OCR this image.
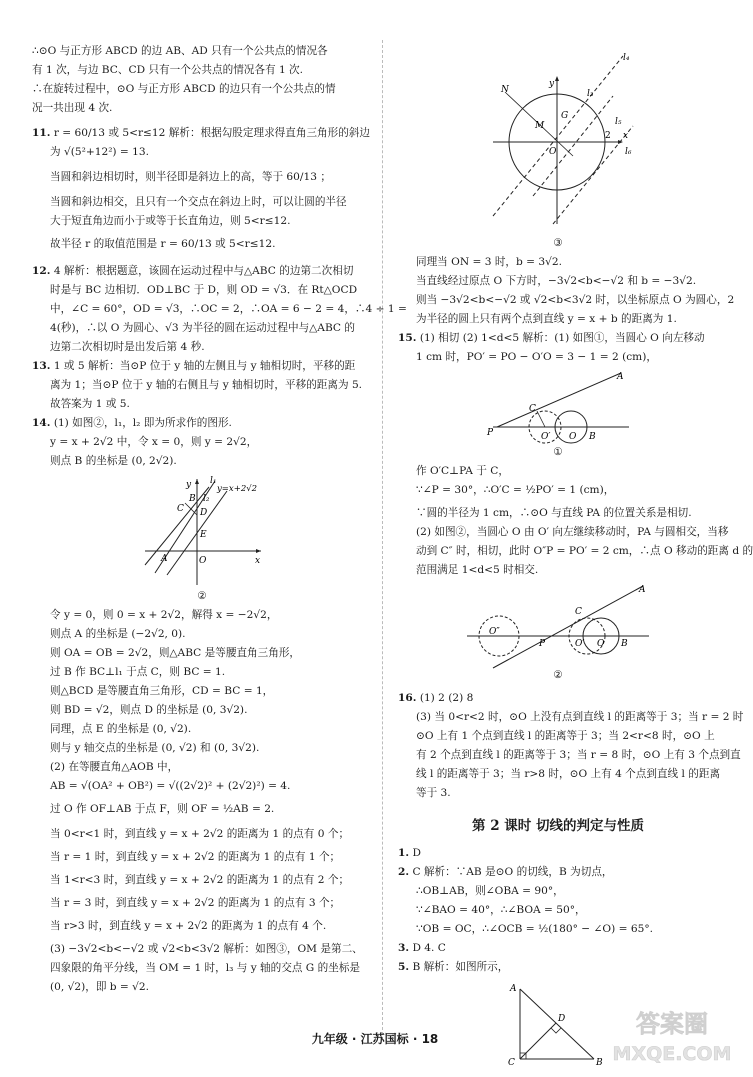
∴⊙O 与正方形 ABCD 的边 AB、AD 只有一个公共点的情况各

有 1 次，与边 BC、CD 只有一个公共点的情况各有 1 次.

∴在旋转过程中，⊙O 与正方形 ABCD 的边只有一个公共点的情

况一共出现 4 次.

11. r = 60/13 或 5<r≤12 解析：根据勾股定理求得直角三角形的斜边

为 √(5²+12²) = 13.

当圆和斜边相切时，则半径即是斜边上的高，等于 60/13 ；

当圆和斜边相交，且只有一个交点在斜边上时，可以让圆的半径

大于短直角边而小于或等于长直角边，则 5<r≤12.

故半径 r 的取值范围是 r = 60/13 或 5<r≤12.

12. 4 解析：根据题意，该圆在运动过程中与△ABC 的边第二次相切

时是与 BC 边相切．OD⊥BC 于 D，则 OD = √3．在 Rt△OCD

中，∠C = 60°，OD = √3，∴OC = 2，∴OA = 6 − 2 = 4，∴4 ÷ 1 =

4(秒)，∴以 O 为圆心、√3 为半径的圆在运动过程中与△ABC 的

边第二次相切时是出发后第 4 秒.

13. 1 或 5 解析：当⊙P 位于 y 轴的左侧且与 y 轴相切时，平移的距

离为 1；当⊙P 位于 y 轴的右侧且与 y 轴相切时，平移的距离为 5.

故答案为 1 或 5.

14. (1) 如图②，l₁，l₂ 即为所求作的图形.

y = x + 2√2 中，令 x = 0，则 y = 2√2，

则点 B 的坐标是 (0, 2√2).

y l₁
l₂
y=x+2√2
B
C D
E
A	O	x
②

令 y = 0，则 0 = x + 2√2，解得 x = −2√2，

则点 A 的坐标是 (−2√2, 0).

则 OA = OB = 2√2，则△ABC 是等腰直角三角形，

过 B 作 BC⊥l₁ 于点 C，则 BC = 1.

则△BCD 是等腰直角三角形，CD = BC = 1，

则 BD = √2，则点 D 的坐标是 (0, 3√2).

同理，点 E 的坐标是 (0, √2).

则与 y 轴交点的坐标是 (0, √2) 和 (0, 3√2).

(2) 在等腰直角△AOB 中，

AB = √(OA² + OB²) = √((2√2)² + (2√2)²) = 4.

过 O 作 OF⊥AB 于点 F，则 OF = ½AB = 2.

当 0<r<1 时，到直线 y = x + 2√2 的距离为 1 的点有 0 个；

当 r = 1 时，到直线 y = x + 2√2 的距离为 1 的点有 1 个；

当 1<r<3 时，到直线 y = x + 2√2 的距离为 1 的点有 2 个；

当 r = 3 时，到直线 y = x + 2√2 的距离为 1 的点有 3 个；

当 r>3 时，到直线 y = x + 2√2 的距离为 1 的点有 4 个.

(3) −3√2<b<−√2 或 √2<b<3√2 解析：如图③，OM 是第二、

四象限的角平分线，当 OM = 1 时，l₃ 与 y 轴的交点 G 的坐标是

(0, √2)，即 b = √2.

l₄
N
y
l₃
G
M
O
2 x
l₅
l₆
③

同理当 ON = 3 时，b = 3√2.

当直线经过原点 O 下方时，−3√2<b<−√2 和 b = −3√2.

则当 −3√2<b<−√2 或 √2<b<3√2 时，以坐标原点 O 为圆心，2

为半径的圆上只有两个点到直线 y = x + b 的距离为 1.

15. (1) 相切 (2) 1<d<5 解析：(1) 如图①，当圆心 O 向左移动

1 cm 时，PO′ = PO − O′O = 3 − 1 = 2 (cm)，

A
C
P	O′ O B
①

作 O′C⊥PA 于 C，

∵∠P = 30°，∴O′C = ½PO′ = 1 (cm)，

∵圆的半径为 1 cm，∴⊙O 与直线 PA 的位置关系是相切.

(2) 如图②，当圆心 O 由 O′ 向左继续移动时，PA 与圆相交，当移

动到 C″ 时，相切，此时 O″P = PO′ = 2 cm，∴点 O 移动的距离 d 的

范围满足 1<d<5 时相交.

A
C
O″
P	O′ O B
②

16. (1) 2 (2) 8

(3) 当 0<r<2 时，⊙O 上没有点到直线 l 的距离等于 3；当 r = 2 时

⊙O 上有 1 个点到直线 l 的距离等于 3；当 2<r<8 时，⊙O 上

有 2 个点到直线 l 的距离等于 3；当 r = 8 时，⊙O 上有 3 个点到直

线 l 的距离等于 3；当 r>8 时，⊙O 上有 4 个点到直线 l 的距离

等于 3.

第 2 课时 切线的判定与性质

1. D

2. C 解析：∵AB 是⊙O 的切线，B 为切点，

∴OB⊥AB，则∠OBA = 90°，

∵∠BAO = 40°，∴∠BOA = 50°，

∵OB = OC，∴∠OCB = ½(180° − ∠O) = 65°.

3. D 4. C

5. B 解析：如图所示，

A
D
C	B
九年级 · 江苏国标 · 18
答案圈
MXQE.COM
